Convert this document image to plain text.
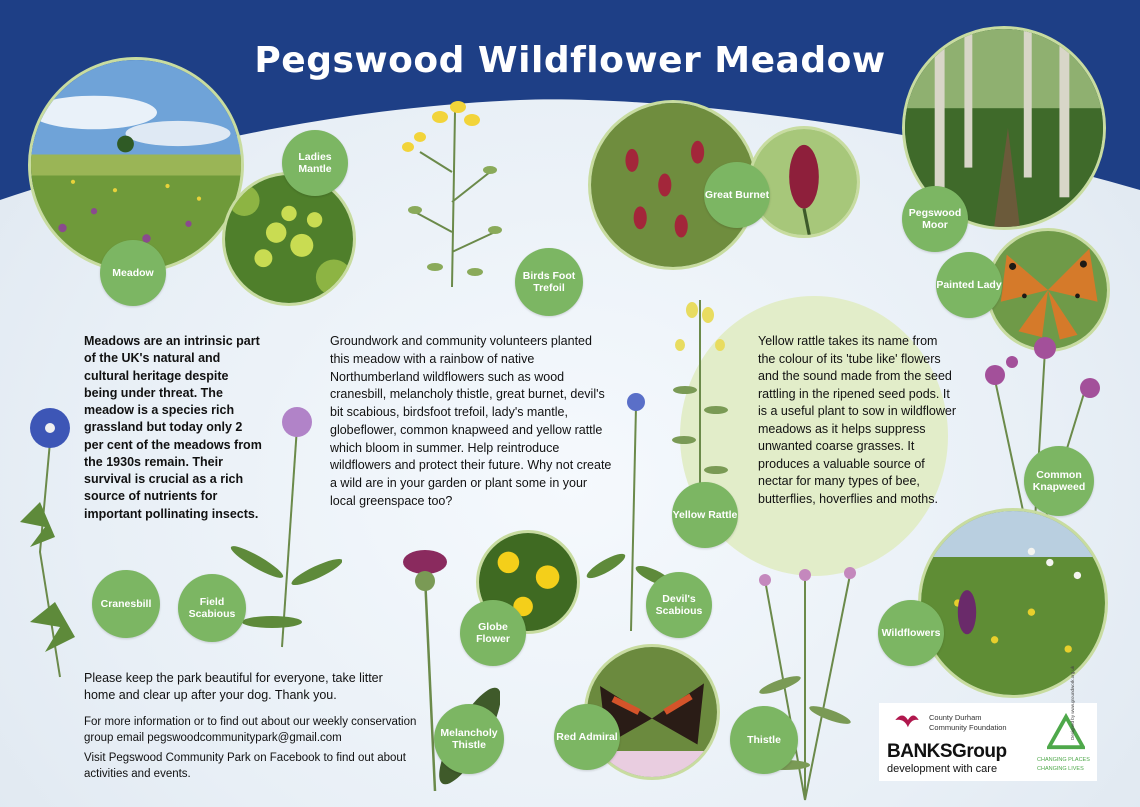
Pegswood Wildflower Meadow
Meadow
Ladies Mantle
Birds Foot Trefoil
Great Burnet
Pegswood Moor
Painted Lady
Common Knapweed
Wildflowers
Yellow Rattle
Devil's Scabious
Globe Flower
Melancholy Thistle
Red Admiral	Thistle
Cranesbill	Field Scabious
Meadows are an intrinsic part of the UK's natural and cultural heritage despite being under threat. The meadow is a species rich grassland but today only 2 per cent of the meadows from the 1930s remain. Their survival is crucial as a rich source of nutrients for important pollinating insects.
Groundwork and community volunteers planted this meadow with a rainbow of native Northumberland wildflowers such as wood cranesbill, melancholy thistle, great burnet, devil's bit scabious, birdsfoot trefoil, lady's mantle, globeflower, common knapweed and yellow rattle which bloom in summer. Help reintroduce wildflowers and protect their future. Why not create a wild are in your garden or plant some in your local greenspace too?
Yellow rattle takes its name from the colour of its 'tube like' flowers and the sound made from the seed rattling in the ripened seed pods. It is a useful plant to sow in wildflower meadows as it helps suppress unwanted coarse grasses. It produces a valuable source of nectar for many types of bee, butterflies, hoverflies and moths.
Please keep the park beautiful for everyone, take litter home and clear up after your dog. Thank you.
For more information or to find out about our weekly conservation group email pegswoodcommunitypark@gmail.com
Visit Pegswood Community Park on Facebook to find out about activities and events.
County Durham
Community Foundation
BANKSGroup
development with care
CHANGING PLACES
CHANGING LIVES
Designed by www.groundwork.org.uk
